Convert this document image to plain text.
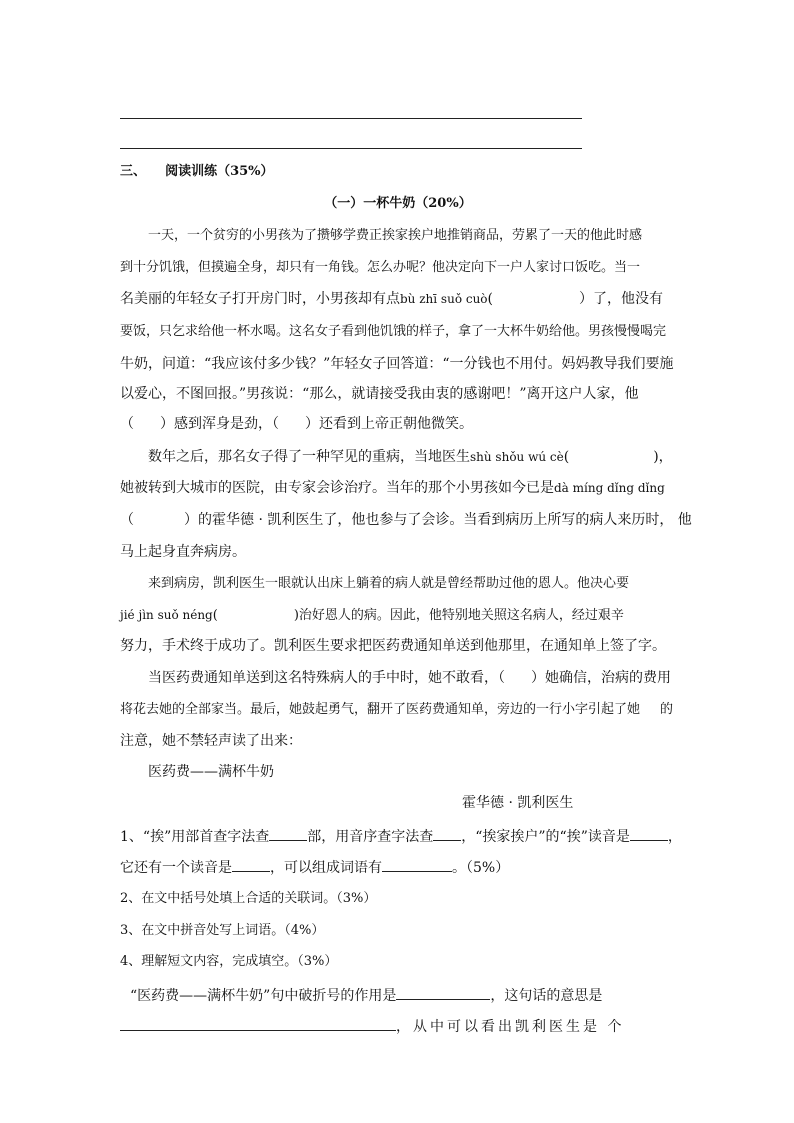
三、 阅读训练（35%）
（一）一杯牛奶（20%）
一天，一个贫穷的小男孩为了攒够学费正挨家挨户地推销商品，劳累了一天的他此时感
到十分饥饿，但摸遍全身，却只有一角钱。怎么办呢？他决定向下一户人家讨口饭吃。当一
名美丽的年轻女子打开房门时，小男孩却有点bù zhī suǒ cuò(	）了，他没有
要饭，只乞求给他一杯水喝。这名女子看到他饥饿的样子，拿了一大杯牛奶给他。男孩慢慢喝完
牛奶，问道：“我应该付多少钱？”年轻女子回答道：“一分钱也不用付。妈妈教导我们要施
以爱心，不图回报。”男孩说：“那么，就请接受我由衷的感谢吧！”离开这户人家，他
（ ）感到浑身是劲，（ ）还看到上帝正朝他微笑。
数年之后，那名女子得了一种罕见的重病，当地医生shù shǒu wú cè(	)，
她被转到大城市的医院，由专家会诊治疗。当年的那个小男孩如今已是dà míng dǐng dǐng
（	）的霍华德 · 凯利医生了，他也参与了会诊。当看到病历上所写的病人来历时， 他
马上起身直奔病房。
来到病房，凯利医生一眼就认出床上躺着的病人就是曾经帮助过他的恩人。他决心要
jié jìn suǒ néng(	)治好恩人的病。因此，他特别地关照这名病人，经过艰辛
努力，手术终于成功了。凯利医生要求把医药费通知单送到他那里，在通知单上签了字。
当医药费通知单送到这名特殊病人的手中时，她不敢看，（ ）她确信，治病的费用
将花去她的全部家当。最后，她鼓起勇气，翻开了医药费通知单，旁边的一行小字引起了她 的
注意，她不禁轻声读了出来：
医药费——满杯牛奶
霍华德 · 凯利医生
1、“挨”用部首查字法查	部，用音序查字法查 ，“挨家挨户”的“挨”读音是	，
它还有一个读音是	，可以组成词语有	。（5%）
2、在文中括号处填上合适的关联词。（3%）
3、在文中拼音处写上词语。（4%）
4、理解短文内容，完成填空。（3%）
“医药费——满杯牛奶”句中破折号的作用是	，这句话的意思是
，从中可以看出凯利医生是 个
